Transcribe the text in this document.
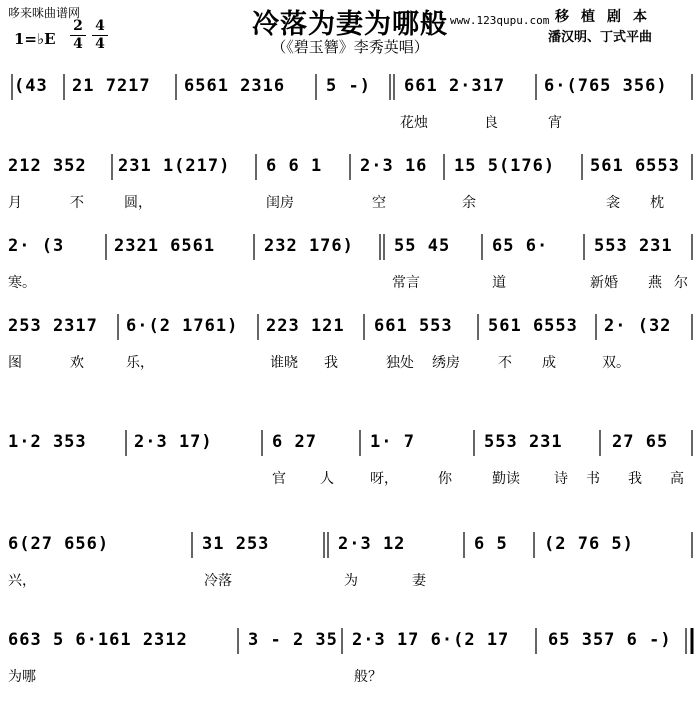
哆来咪曲谱网	冷落为妻为哪般 www.123qupu.com 移植剧本
潘汉明、丁式平曲
（《碧玉簪》李秀英唱）
1=♭E $\frac{2}{4} \frac{4}{4}$
(43 21 7217 6561 2316 5 -) 661 2·317 6·(765 356)
花烛	良	宵
212 352 231 1(217) 6 6 1 2·3 16 15 5(176) 561 6553
月	不	圆，	闺房	空	余	衾 枕
2· (3	2321 6561	232 176) 55 45 65 6·	553 231
寒。	常言	道	新婚 燕 尔
253 2317 6·(2 1761) 223 121 661 553 561 6553 2· (32
图	欢	乐，	谁晓 我	独处 绣房	不 成	双。
1·2 353	2·3 17)	6 27	1· 7	553 231	27 65
官 人	呀，	你	勤读 诗 书 我 高
6(27 656)	31 253	2·3 12	6 5 (2 76 5)
兴，	冷落	为	妻
663 5 6·161 2312	3 - 2 35 2·3 17 6·(2 17 65 357 6 -)
为哪	般？
